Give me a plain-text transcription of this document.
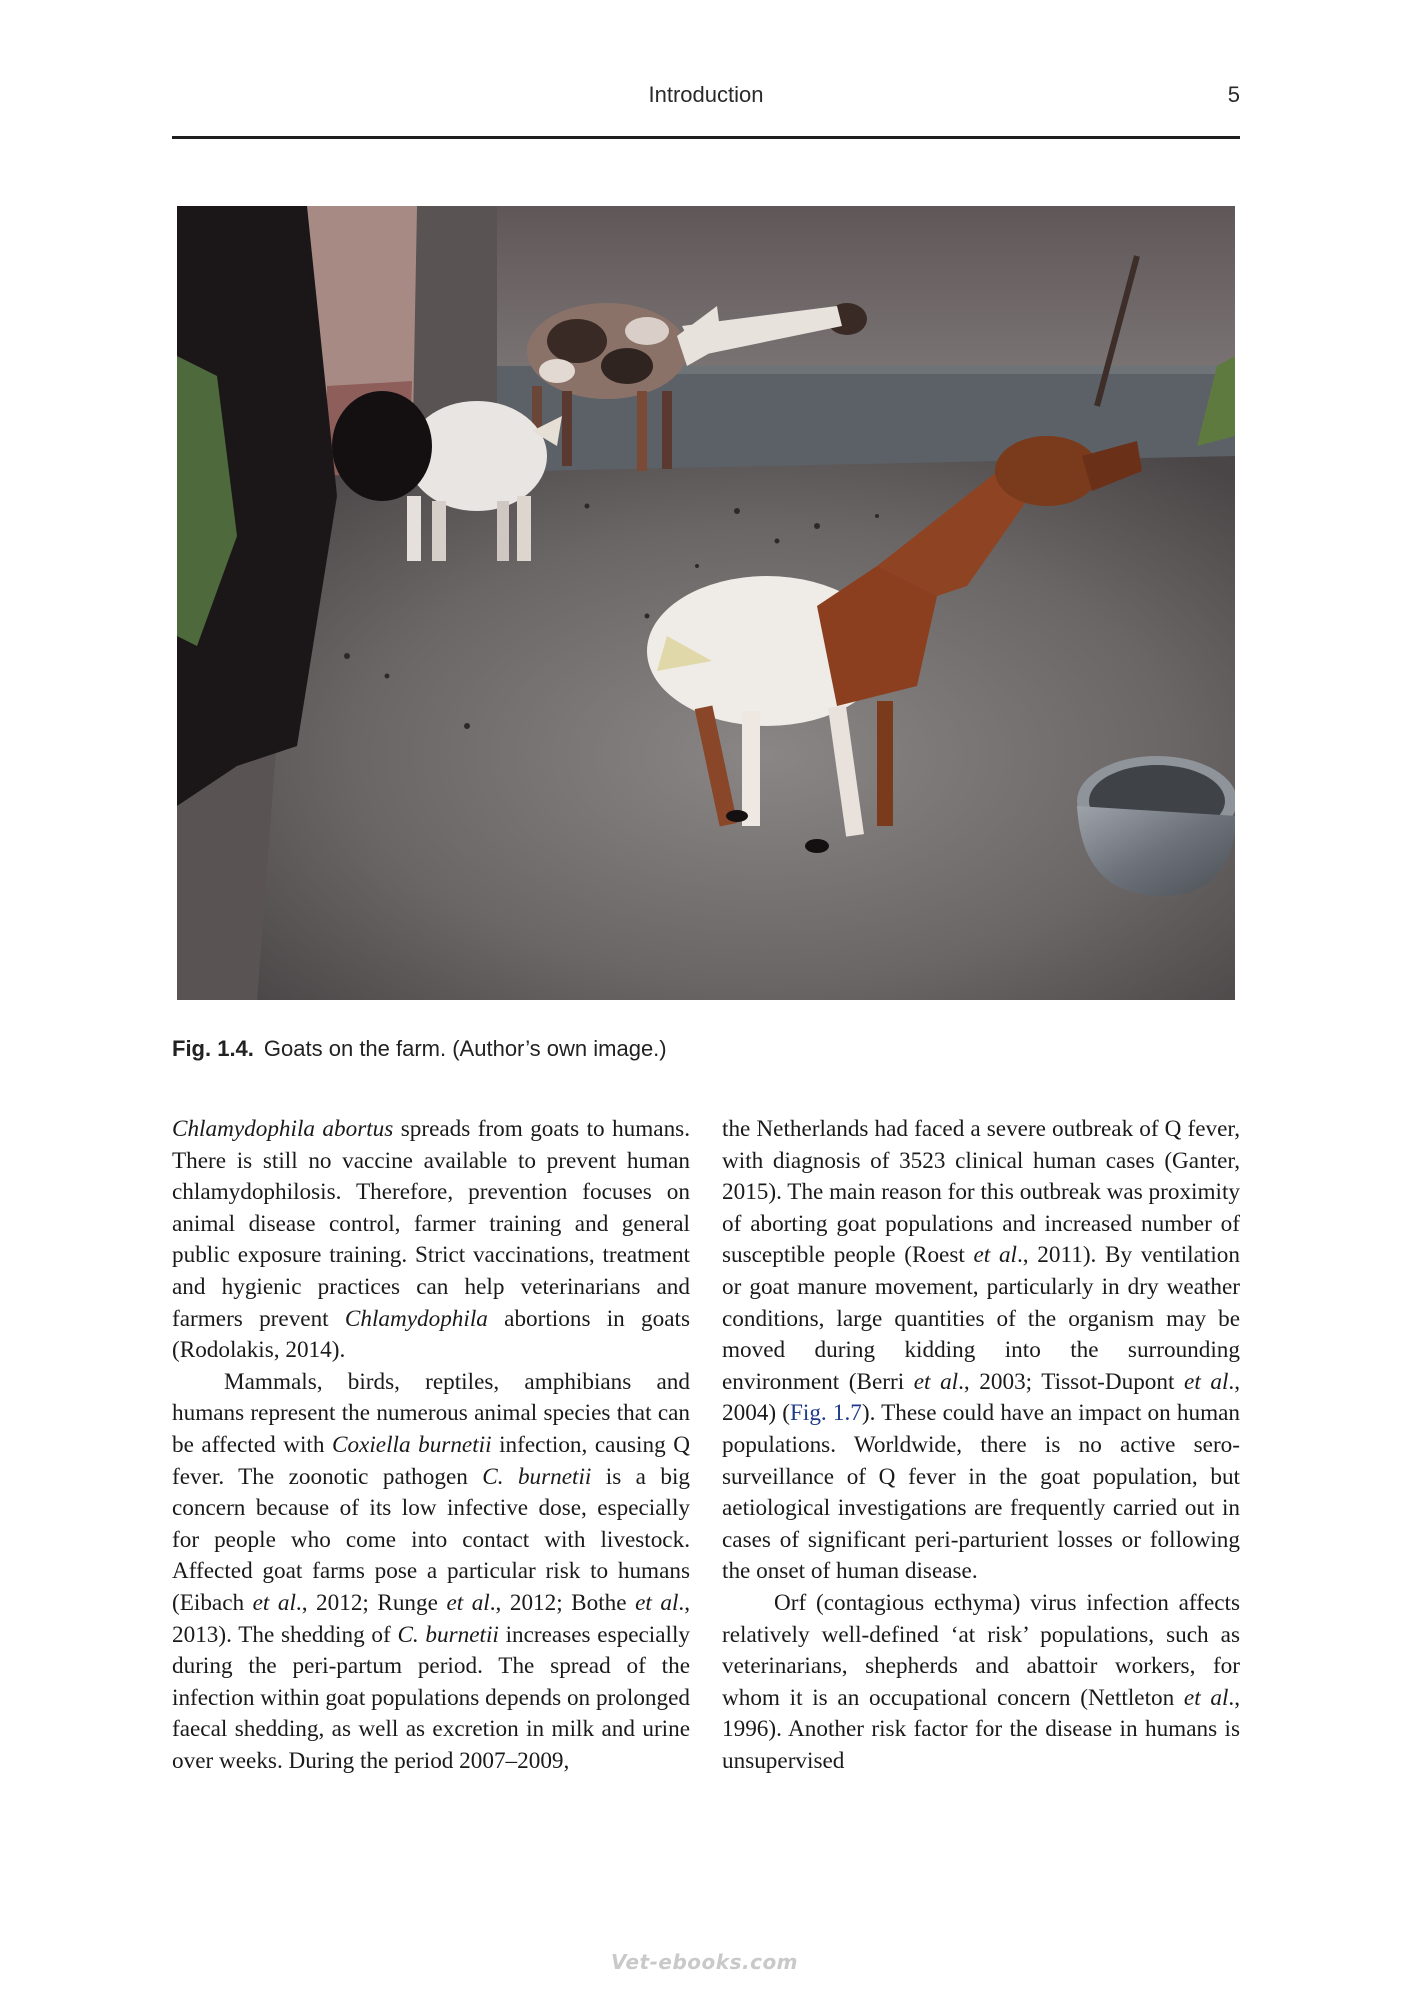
Introduction	5
Fig. 1.4. Goats on the farm. (Author’s own image.)

Chlamydophila abortus spreads from goats to humans. There is still no vaccine available to prevent human chlamydophilosis. Therefore, prevention focuses on animal disease control, farmer training and general public exposure training. Strict vaccinations, treatment and hygienic practices can help veterinarians and farmers prevent Chlamydophila abortions in goats (Rodolakis, 2014).

Mammals, birds, reptiles, amphibians and humans represent the numerous animal species that can be affected with Coxiella burnetii infection, causing Q fever. The zoonotic pathogen C. burnetii is a big concern because of its low infective dose, especially for people who come into contact with livestock. Affected goat farms pose a particular risk to humans (Eibach et al., 2012; Runge et al., 2012; Bothe et al., 2013). The shedding of C. burnetii increases especially during the peri-partum period. The spread of the infection within goat populations depends on prolonged faecal shedding, as well as excretion in milk and urine over weeks. During the period 2007–2009,

the Netherlands had faced a severe outbreak of Q fever, with diagnosis of 3523 clinical human cases (Ganter, 2015). The main reason for this outbreak was proximity of aborting goat populations and increased number of susceptible people (Roest et al., 2011). By ventilation or goat manure movement, particularly in dry weather conditions, large quantities of the organism may be moved during kidding into the surrounding environment (Berri et al., 2003; Tissot-Dupont et al., 2004) (Fig. 1.7). These could have an impact on human populations. Worldwide, there is no active sero-surveillance of Q fever in the goat population, but aetiological investigations are frequently carried out in cases of significant peri-parturient losses or following the onset of human disease.

Orf (contagious ecthyma) virus infection affects relatively well-defined ‘at risk’ populations, such as veterinarians, shepherds and abattoir workers, for whom it is an occupational concern (Nettleton et al., 1996). Another risk factor for the disease in humans is unsupervised

Vet-ebooks.com
